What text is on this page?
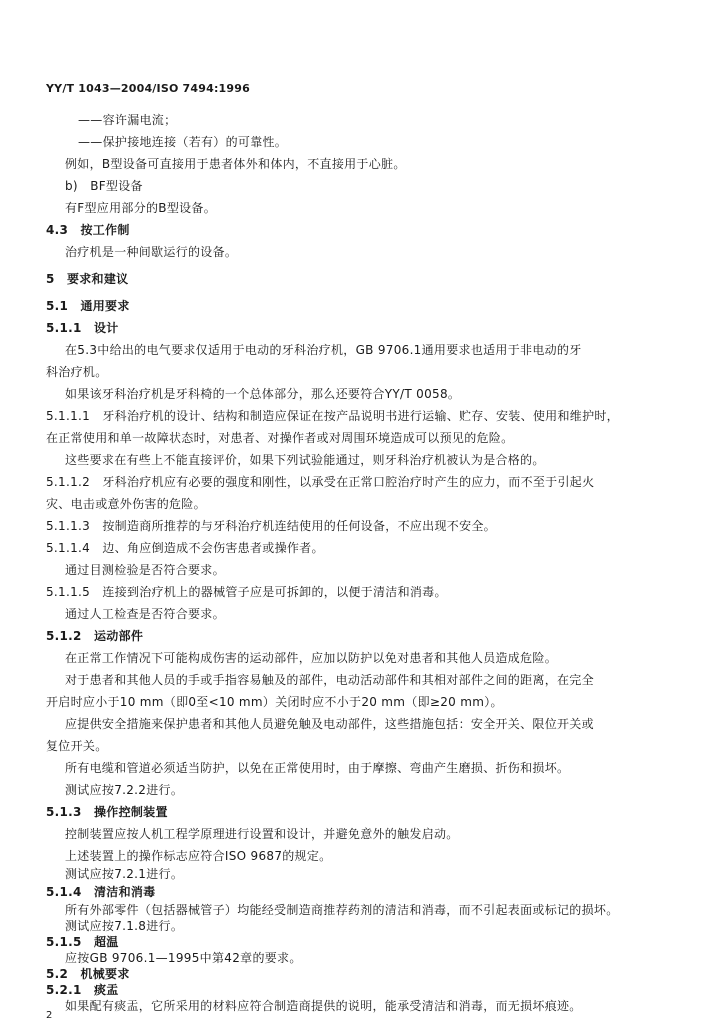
YY/T 1043—2004/ISO 7494:1996
——容许漏电流；
——保护接地连接（若有）的可靠性。
例如，B型设备可直接用于患者体外和体内，不直接用于心脏。
b)　BF型设备
有F型应用部分的B型设备。
4.3　按工作制
治疗机是一种间歇运行的设备。
5　要求和建议
5.1　通用要求
5.1.1　设计
在5.3中给出的电气要求仅适用于电动的牙科治疗机，GB 9706.1通用要求也适用于非电动的牙
科治疗机。
如果该牙科治疗机是牙科椅的一个总体部分，那么还要符合YY/T 0058。
5.1.1.1　牙科治疗机的设计、结构和制造应保证在按产品说明书进行运输、贮存、安装、使用和维护时，
在正常使用和单一故障状态时，对患者、对操作者或对周围环境造成可以预见的危险。
这些要求在有些上不能直接评价，如果下列试验能通过，则牙科治疗机被认为是合格的。
5.1.1.2　牙科治疗机应有必要的强度和刚性，以承受在正常口腔治疗时产生的应力，而不至于引起火
灾、电击或意外伤害的危险。
5.1.1.3　按制造商所推荐的与牙科治疗机连结使用的任何设备，不应出现不安全。
5.1.1.4　边、角应倒造成不会伤害患者或操作者。
通过目测检验是否符合要求。
5.1.1.5　连接到治疗机上的器械管子应是可拆卸的，以便于清洁和消毒。
通过人工检查是否符合要求。
5.1.2　运动部件
在正常工作情况下可能构成伤害的运动部件，应加以防护以免对患者和其他人员造成危险。
对于患者和其他人员的手或手指容易触及的部件，电动活动部件和其相对部件之间的距离，在完全
开启时应小于10 mm（即0至<10 mm）关闭时应不小于20 mm（即≥20 mm）。
应提供安全措施来保护患者和其他人员避免触及电动部件，这些措施包括：安全开关、限位开关或
复位开关。
所有电缆和管道必须适当防护，以免在正常使用时，由于摩擦、弯曲产生磨损、折伤和损坏。
测试应按7.2.2进行。
5.1.3　操作控制装置
控制装置应按人机工程学原理进行设置和设计，并避免意外的触发启动。
上述装置上的操作标志应符合ISO 9687的规定。
测试应按7.2.1进行。
5.1.4　清洁和消毒
所有外部零件（包括器械管子）均能经受制造商推荐药剂的清洁和消毒，而不引起表面或标记的损坏。
测试应按7.1.8进行。
5.1.5　超温
应按GB 9706.1—1995中第42章的要求。
5.2　机械要求
5.2.1　痰盂
如果配有痰盂，它所采用的材料应符合制造商提供的说明，能承受清洁和消毒，而无损坏痕迹。
2
